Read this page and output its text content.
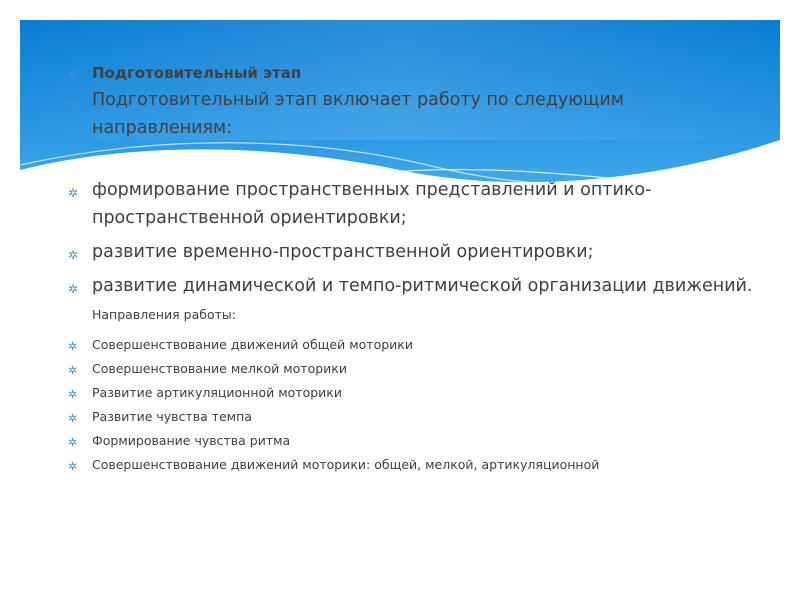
✲ Подготовительный этап
✲ Подготовительный этап включает работу по следующим направлениям:
✲ формирование пространственных представлений и оптико-пространственной ориентировки;
✲ развитие временно-пространственной ориентировки;
✲ развитие динамической и темпо-ритмической организации движений. Направления работы:
✲ Совершенствование движений общей моторики
✲ Совершенствование мелкой моторики
✲ Развитие артикуляционной моторики
✲ Развитие чувства темпа
✲ Формирование чувства ритма
✲ Совершенствование движений моторики: общей, мелкой, артикуляционной
